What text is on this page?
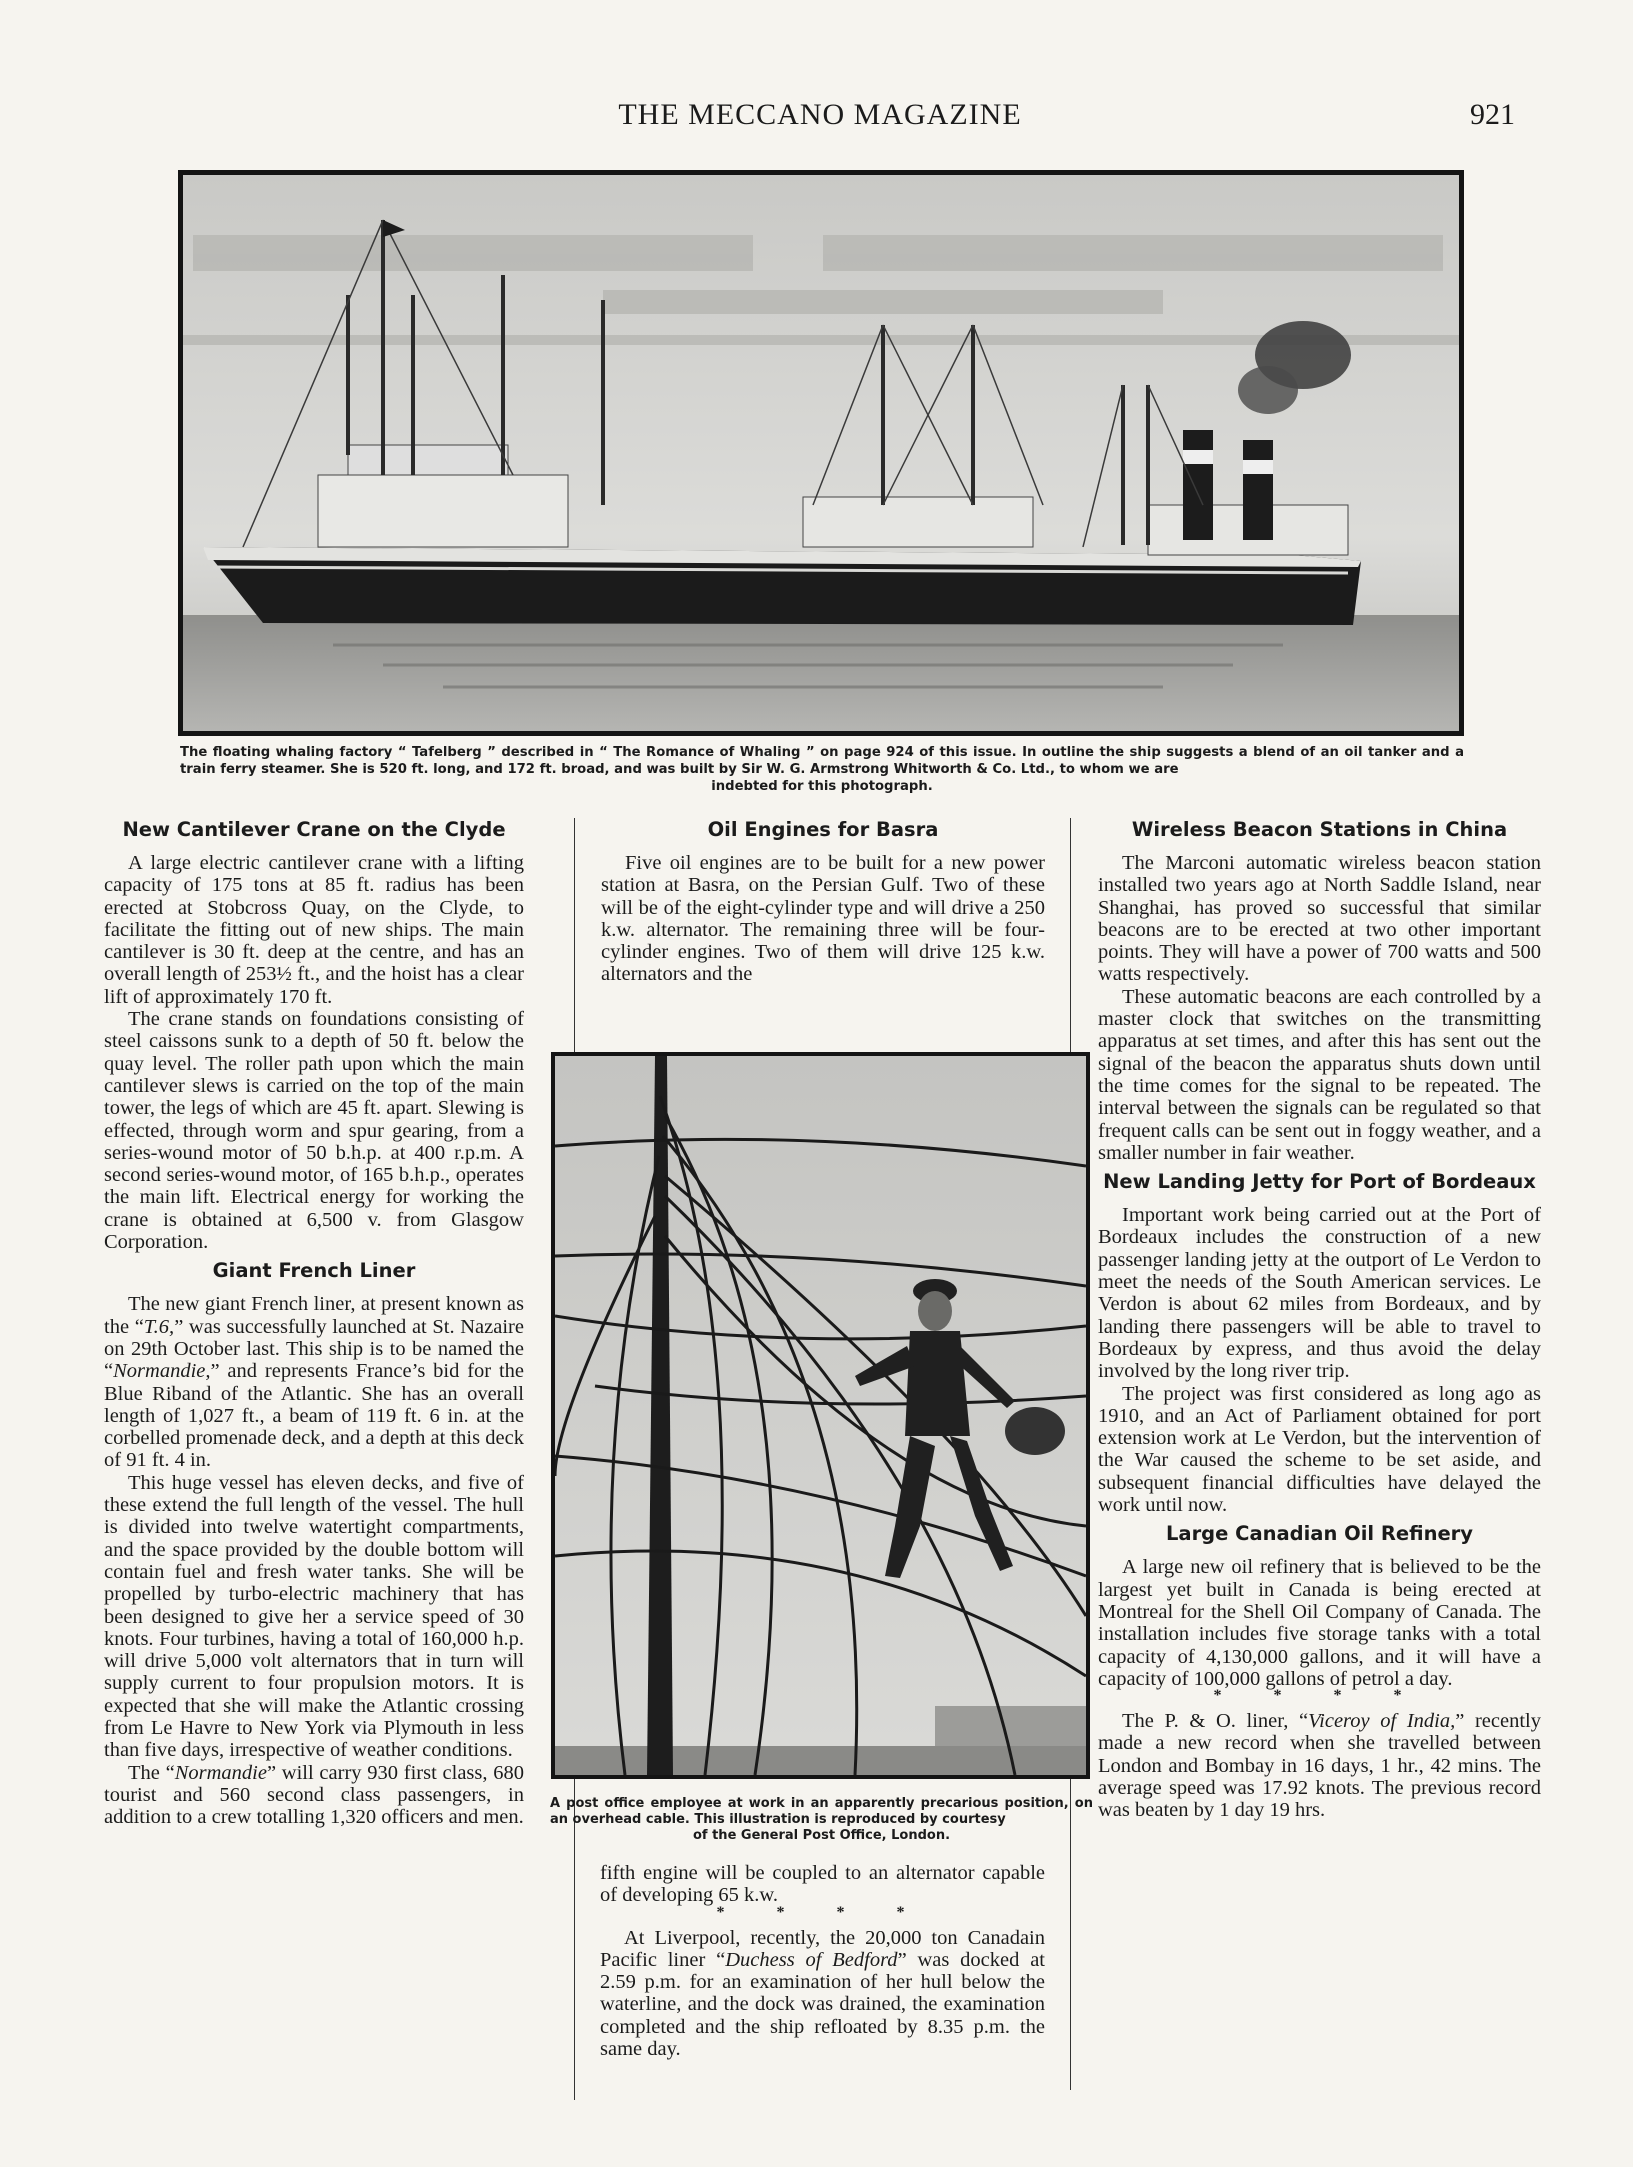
THE MECCANO MAGAZINE	921
The floating whaling factory “ Tafelberg ” described in “ The Romance of Whaling ” on page 924 of this issue. In outline the ship suggests a blend of an oil tanker and a train ferry steamer. She is 520 ft. long, and 172 ft. broad, and was built by Sir W. G. Armstrong Whitworth & Co. Ltd., to whom we are
indebted for this photograph.
New Cantilever Crane on the Clyde

A large electric cantilever crane with a lifting capacity of 175 tons at 85 ft. radius has been erected at Stobcross Quay, on the Clyde, to facilitate the fitting out of new ships. The main cantilever is 30 ft. deep at the centre, and has an overall length of 253½ ft., and the hoist has a clear lift of approximately 170 ft.

The crane stands on foundations consisting of steel caissons sunk to a depth of 50 ft. below the quay level. The roller path upon which the main cantilever slews is carried on the top of the main tower, the legs of which are 45 ft. apart. Slewing is effected, through worm and spur gearing, from a series-wound motor of 50 b.h.p. at 400 r.p.m. A second series-wound motor, of 165 b.h.p., operates the main lift. Electrical energy for working the crane is obtained at 6,500 v. from Glasgow Corporation.

Giant French Liner

The new giant French liner, at present known as the “T.6,” was successfully launched at St. Nazaire on 29th October last. This ship is to be named the “Normandie,” and represents France’s bid for the Blue Riband of the Atlantic. She has an overall length of 1,027 ft., a beam of 119 ft. 6 in. at the corbelled promenade deck, and a depth at this deck of 91 ft. 4 in.

This huge vessel has eleven decks, and five of these extend the full length of the vessel. The hull is divided into twelve watertight compartments, and the space provided by the double bottom will contain fuel and fresh water tanks. She will be propelled by turbo-electric machinery that has been designed to give her a service speed of 30 knots. Four turbines, having a total of 160,000 h.p. will drive 5,000 volt alternators that in turn will supply current to four propulsion motors. It is expected that she will make the Atlantic crossing from Le Havre to New York via Plymouth in less than five days, irrespective of weather conditions.

The “Normandie” will carry 930 first class, 680 tourist and 560 second class passengers, in addition to a crew totalling 1,320 officers and men.

Oil Engines for Basra

Five oil engines are to be built for a new power station at Basra, on the Persian Gulf. Two of these will be of the eight-cylinder type and will drive a 250 k.w. alternator. The remaining three will be four-cylinder engines. Two of them will drive 125 k.w. alternators and the

A post office employee at work in an apparently precarious position, on an overhead cable. This illustration is reproduced by courtesy
of the General Post Office, London.

fifth engine will be coupled to an alternator capable of developing 65 k.w.

* * * *

At Liverpool, recently, the 20,000 ton Canadain Pacific liner “Duchess of Bedford” was docked at 2.59 p.m. for an examination of her hull below the waterline, and the dock was drained, the examination completed and the ship refloated by 8.35 p.m. the same day.

Wireless Beacon Stations in China

The Marconi automatic wireless beacon station installed two years ago at North Saddle Island, near Shanghai, has proved so successful that similar beacons are to be erected at two other important points. They will have a power of 700 watts and 500 watts respectively.

These automatic beacons are each controlled by a master clock that switches on the transmitting apparatus at set times, and after this has sent out the signal of the beacon the apparatus shuts down until the time comes for the signal to be repeated. The interval between the signals can be regulated so that frequent calls can be sent out in foggy weather, and a smaller number in fair weather.

New Landing Jetty for Port of Bordeaux

Important work being carried out at the Port of Bordeaux includes the construction of a new passenger landing jetty at the outport of Le Verdon to meet the needs of the South American services. Le Verdon is about 62 miles from Bordeaux, and by landing there passengers will be able to travel to Bordeaux by express, and thus avoid the delay involved by the long river trip.

The project was first considered as long ago as 1910, and an Act of Parliament obtained for port extension work at Le Verdon, but the intervention of the War caused the scheme to be set aside, and subsequent financial difficulties have delayed the work until now.

Large Canadian Oil Refinery

A large new oil refinery that is believed to be the largest yet built in Canada is being erected at Montreal for the Shell Oil Company of Canada. The installation includes five storage tanks with a total capacity of 4,130,000 gallons, and it will have a capacity of 100,000 gallons of petrol a day.

* * * *

The P. & O. liner, “Viceroy of India,” recently made a new record when she travelled between London and Bombay in 16 days, 1 hr., 42 mins. The average speed was 17.92 knots. The previous record was beaten by 1 day 19 hrs.
